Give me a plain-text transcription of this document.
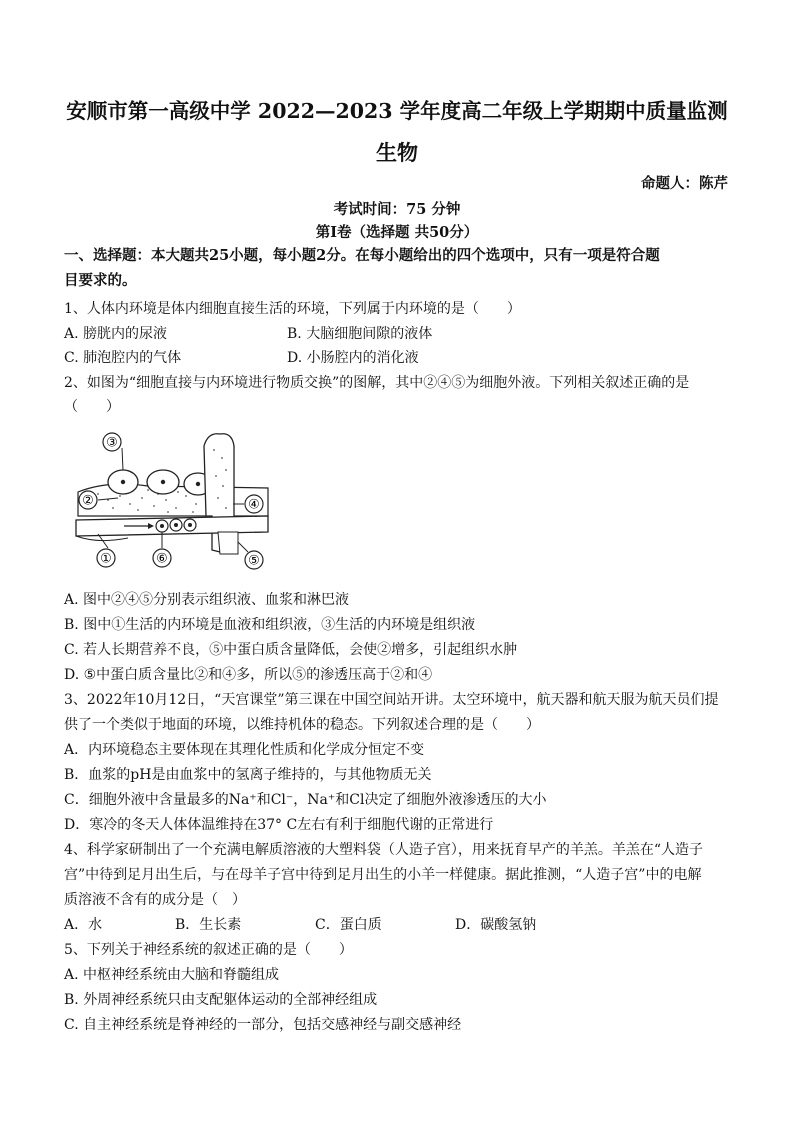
安顺市第一高级中学 2022—2023 学年度高二年级上学期期中质量监测
生物
命题人：陈芹
考试时间：75 分钟
第Ⅰ卷（选择题 共50分）
一、选择题：本大题共25小题，每小题2分。在每小题给出的四个选项中，只有一项是符合题
目要求的。
1、人体内环境是体内细胞直接生活的环境，下列属于内环境的是（　　）
A. 膀胱内的尿液	B. 大脑细胞间隙的液体
C. 肺泡腔内的气体	D. 小肠腔内的消化液
2、如图为“细胞直接与内环境进行物质交换”的图解，其中②④⑤为细胞外液。下列相关叙述正确的是
（　　）
③
②	④
①	⑥	⑤
A. 图中②④⑤分别表示组织液、血浆和淋巴液
B. 图中①生活的内环境是血液和组织液，③生活的内环境是组织液
C. 若人长期营养不良，⑤中蛋白质含量降低，会使②增多，引起组织水肿
D. ⑤中蛋白质含量比②和④多，所以⑤的渗透压高于②和④
3、2022年10月12日，“天宫课堂”第三课在中国空间站开讲。太空环境中，航天器和航天服为航天员们提
供了一个类似于地面的环境，以维持机体的稳态。下列叙述合理的是（　　）
A．内环境稳态主要体现在其理化性质和化学成分恒定不变
B．血浆的pH是由血浆中的氢离子维持的，与其他物质无关
C．细胞外液中含量最多的Na⁺和Cl⁻，Na⁺和Cl决定了细胞外液渗透压的大小
D．寒冷的冬天人体体温维持在37° C左右有利于细胞代谢的正常进行
4、科学家研制出了一个充满电解质溶液的大塑料袋（人造子宫），用来抚育早产的羊羔。羊羔在“人造子
宫”中待到足月出生后，与在母羊子宫中待到足月出生的小羊一样健康。据此推测，“人造子宫”中的电解
质溶液不含有的成分是（　）
A．水	B．生长素	C．蛋白质	D．碳酸氢钠
5、下列关于神经系统的叙述正确的是（　　）
A. 中枢神经系统由大脑和脊髓组成
B. 外周神经系统只由支配躯体运动的全部神经组成
C. 自主神经系统是脊神经的一部分，包括交感神经与副交感神经
